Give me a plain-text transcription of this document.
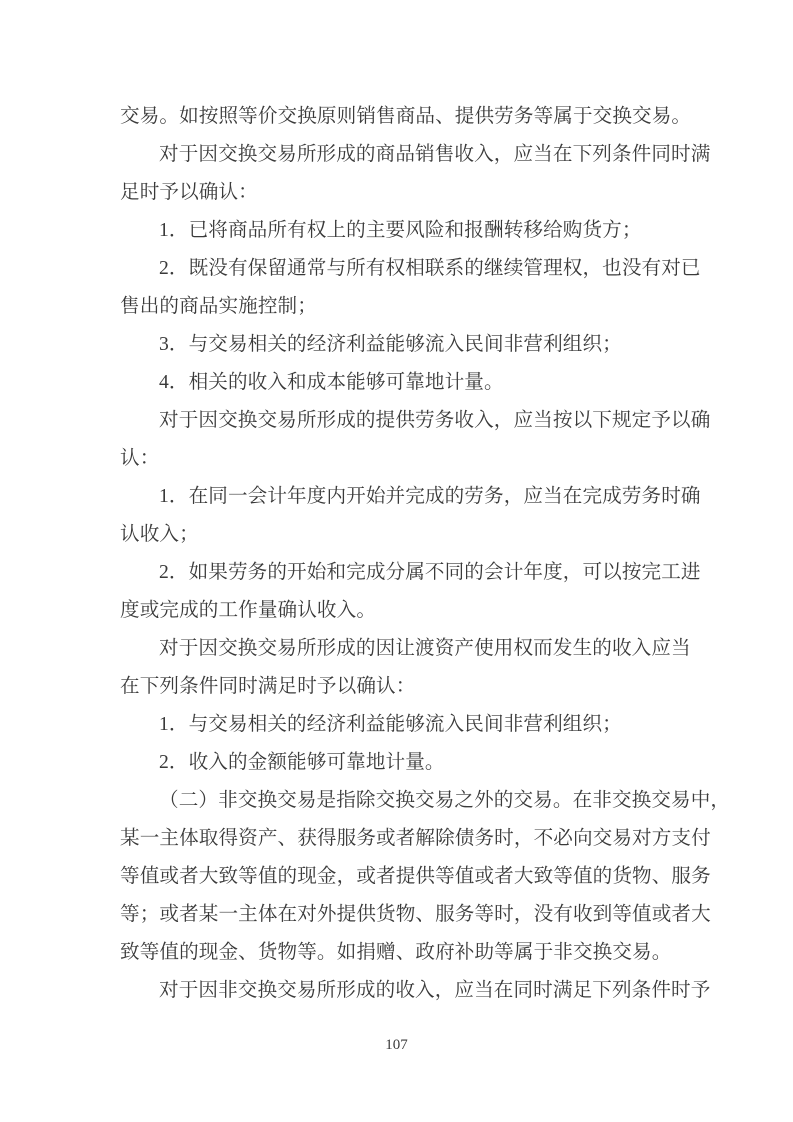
交易。如按照等价交换原则销售商品、提供劳务等属于交换交易。
对于因交换交易所形成的商品销售收入，应当在下列条件同时满
足时予以确认：
1．已将商品所有权上的主要风险和报酬转移给购货方；
2．既没有保留通常与所有权相联系的继续管理权，也没有对已
售出的商品实施控制；
3．与交易相关的经济利益能够流入民间非营利组织；
4．相关的收入和成本能够可靠地计量。
对于因交换交易所形成的提供劳务收入，应当按以下规定予以确
认：
1．在同一会计年度内开始并完成的劳务，应当在完成劳务时确
认收入；
2．如果劳务的开始和完成分属不同的会计年度，可以按完工进
度或完成的工作量确认收入。
对于因交换交易所形成的因让渡资产使用权而发生的收入应当
在下列条件同时满足时予以确认：
1．与交易相关的经济利益能够流入民间非营利组织；
2．收入的金额能够可靠地计量。
（二）非交换交易是指除交换交易之外的交易。在非交换交易中，
某一主体取得资产、获得服务或者解除债务时，不必向交易对方支付
等值或者大致等值的现金，或者提供等值或者大致等值的货物、服务
等；或者某一主体在对外提供货物、服务等时，没有收到等值或者大
致等值的现金、货物等。如捐赠、政府补助等属于非交换交易。
对于因非交换交易所形成的收入，应当在同时满足下列条件时予
107
